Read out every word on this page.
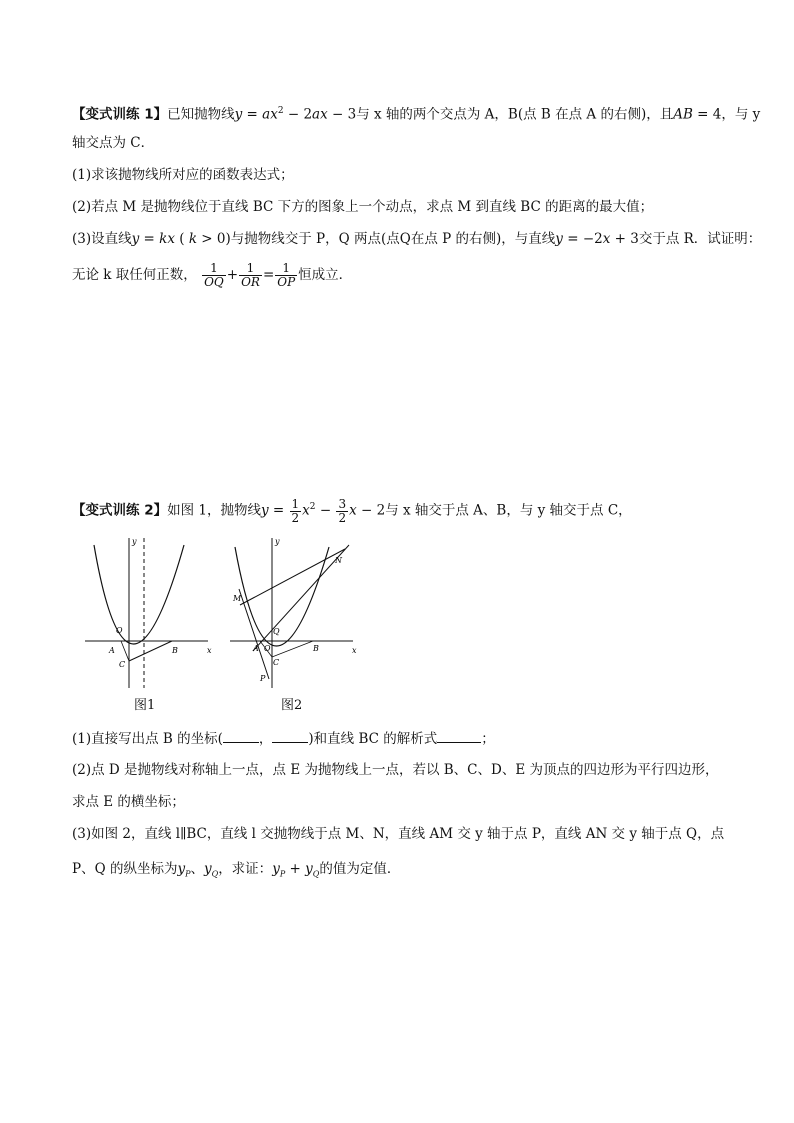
【变式训练 1】已知抛物线$y = ax^2 - 2ax - 3$与 x 轴的两个交点为 A，B(点 B 在点 A 的右侧)，且AB = 4，与 y
轴交点为 C．
(1)求该抛物线所对应的函数表达式；
(2)若点 M 是抛物线位于直线 BC 下方的图象上一个动点，求点 M 到直线 BC 的距离的最大值；
(3)设直线y = kx ( k > 0)与抛物线交于 P，Q 两点(点Q在点 P 的右侧)，与直线y = −2x + 3交于点 R．试证明：
无论 k 取任何正数， $\frac{1}{OQ} + \frac{1}{OR} = \frac{1}{OP}$ 恒成立．
【变式训练 2】如图 1，抛物线$y = \frac{1}{2} x^2 - \frac{3}{2}$ x − 2与 x 轴交于点 A、B，与 y 轴交于点 C，
x
y
O
A	B
C
图1
x
y
M
N
Q
A O	B
C
P
图2
(1)直接写出点 B 的坐标(	，	)和直线 BC 的解析式	；
(2)点 D 是抛物线对称轴上一点，点 E 为抛物线上一点，若以 B、C、D、E 为顶点的四边形为平行四边形，
求点 E 的横坐标；
(3)如图 2，直线 l∥BC，直线 l 交抛物线于点 M、N，直线 AM 交 y 轴于点 P，直线 AN 交 y 轴于点 Q，点
P、Q 的纵坐标为$y_P$、$y_Q$，求证：$y_P + y_Q$的值为定值．
